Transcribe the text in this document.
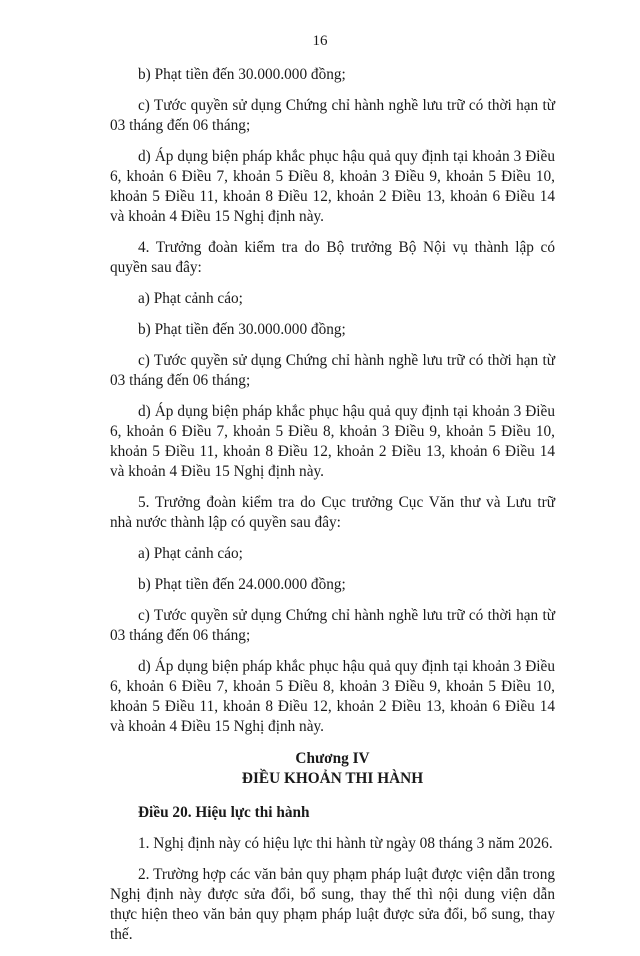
16

b) Phạt tiền đến 30.000.000 đồng;

c) Tước quyền sử dụng Chứng chỉ hành nghề lưu trữ có thời hạn từ 03 tháng đến 06 tháng;

d) Áp dụng biện pháp khắc phục hậu quả quy định tại khoản 3 Điều 6, khoản 6 Điều 7, khoản 5 Điều 8, khoản 3 Điều 9, khoản 5 Điều 10, khoản 5 Điều 11, khoản 8 Điều 12, khoản 2 Điều 13, khoản 6 Điều 14 và khoản 4 Điều 15 Nghị định này.

4. Trưởng đoàn kiểm tra do Bộ trưởng Bộ Nội vụ thành lập có quyền sau đây:

a) Phạt cảnh cáo;

b) Phạt tiền đến 30.000.000 đồng;

c) Tước quyền sử dụng Chứng chỉ hành nghề lưu trữ có thời hạn từ 03 tháng đến 06 tháng;

d) Áp dụng biện pháp khắc phục hậu quả quy định tại khoản 3 Điều 6, khoản 6 Điều 7, khoản 5 Điều 8, khoản 3 Điều 9, khoản 5 Điều 10, khoản 5 Điều 11, khoản 8 Điều 12, khoản 2 Điều 13, khoản 6 Điều 14 và khoản 4 Điều 15 Nghị định này.

5. Trưởng đoàn kiểm tra do Cục trưởng Cục Văn thư và Lưu trữ nhà nước thành lập có quyền sau đây:

a) Phạt cảnh cáo;

b) Phạt tiền đến 24.000.000 đồng;

c) Tước quyền sử dụng Chứng chỉ hành nghề lưu trữ có thời hạn từ 03 tháng đến 06 tháng;

d) Áp dụng biện pháp khắc phục hậu quả quy định tại khoản 3 Điều 6, khoản 6 Điều 7, khoản 5 Điều 8, khoản 3 Điều 9, khoản 5 Điều 10, khoản 5 Điều 11, khoản 8 Điều 12, khoản 2 Điều 13, khoản 6 Điều 14 và khoản 4 Điều 15 Nghị định này.

Chương IV
ĐIỀU KHOẢN THI HÀNH
Điều 20. Hiệu lực thi hành

1. Nghị định này có hiệu lực thi hành từ ngày 08 tháng 3 năm 2026.

2. Trường hợp các văn bản quy phạm pháp luật được viện dẫn trong Nghị định này được sửa đổi, bổ sung, thay thế thì nội dung viện dẫn thực hiện theo văn bản quy phạm pháp luật được sửa đổi, bổ sung, thay thế.
